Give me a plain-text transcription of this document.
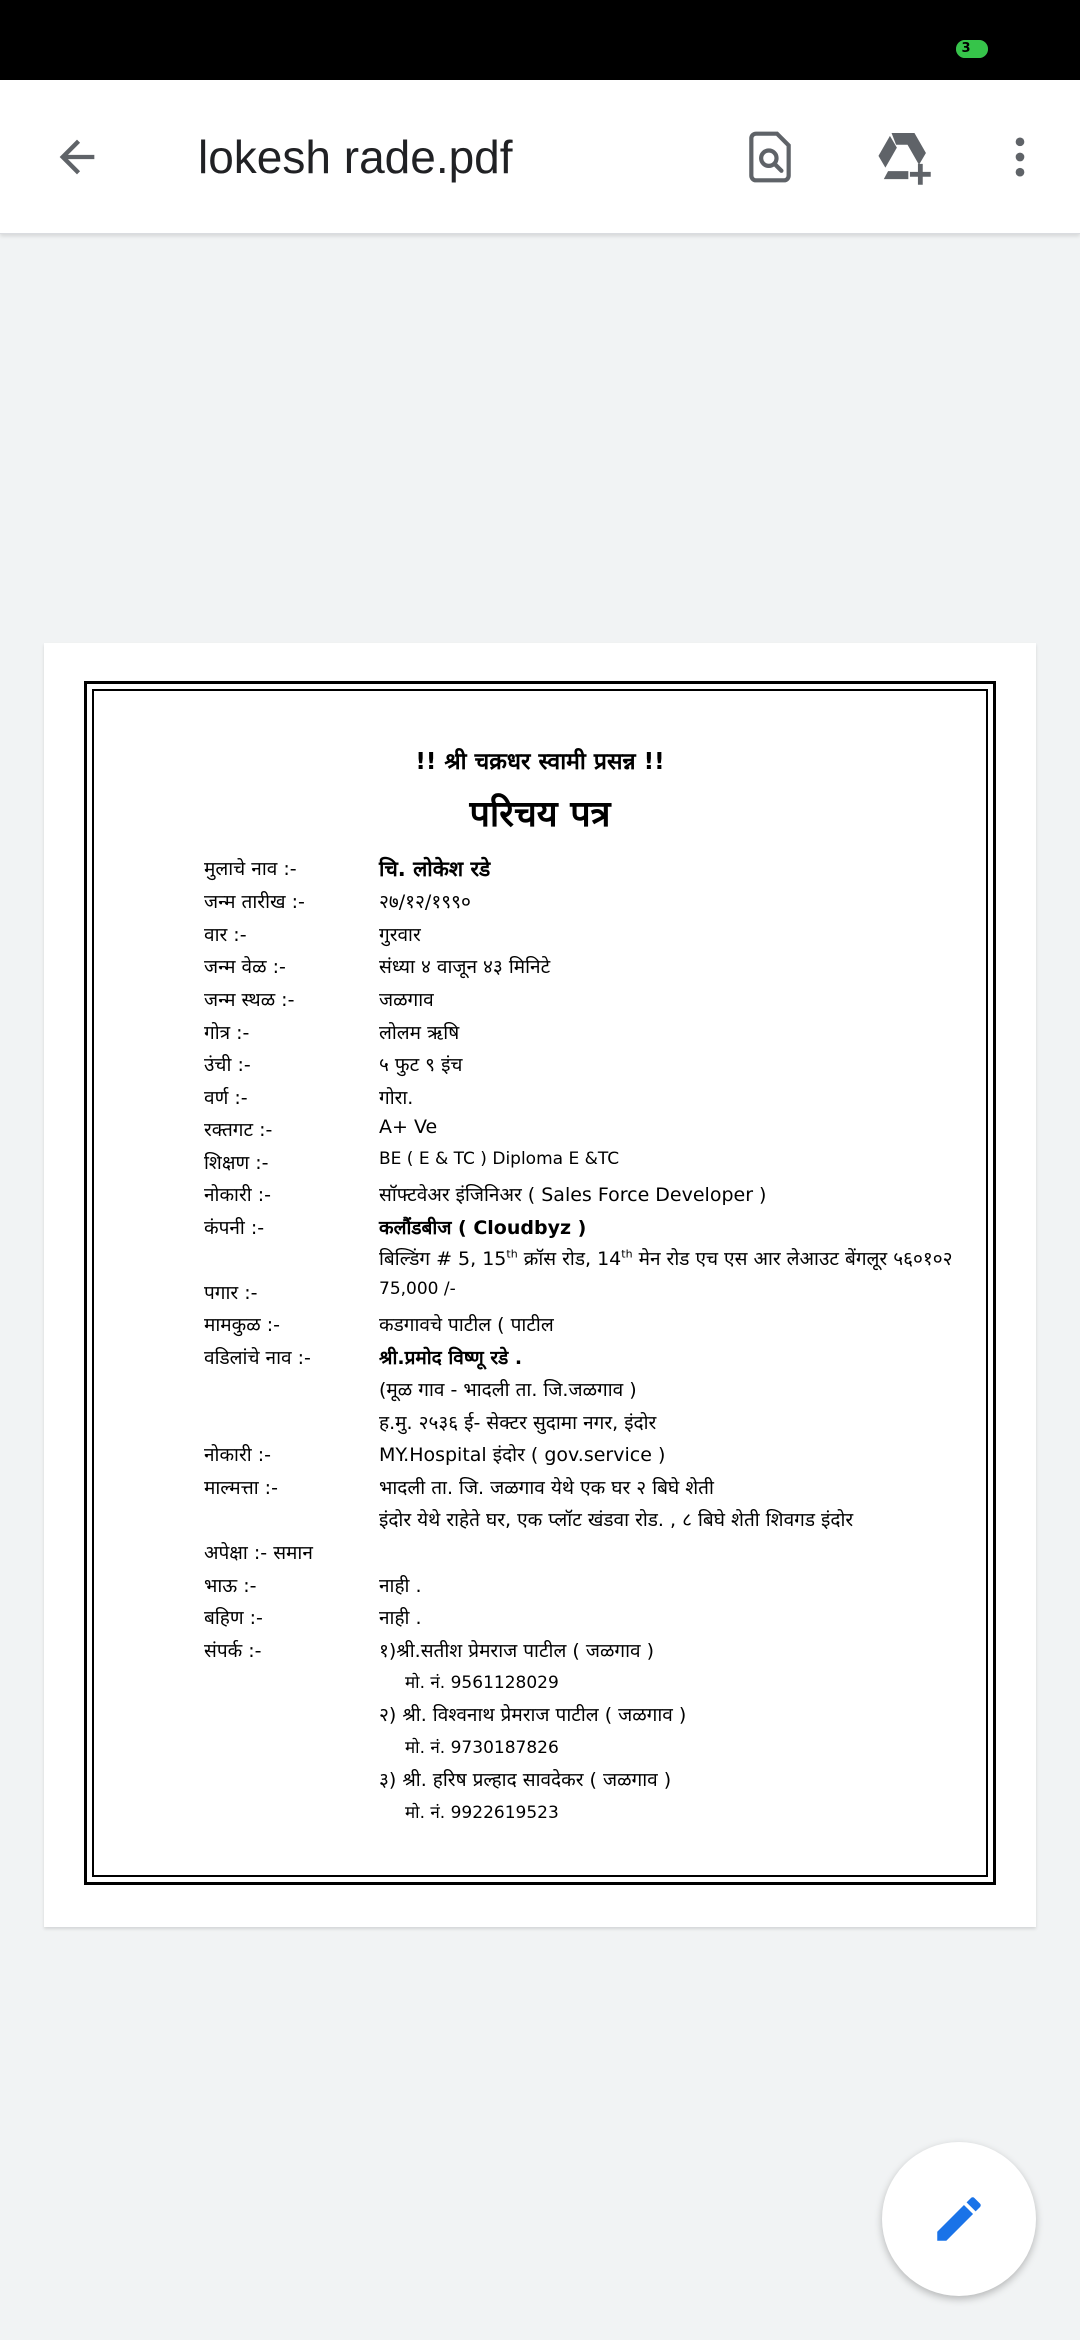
3
lokesh rade.pdf
!! श्री चक्रधर स्वामी प्रसन्न !!
परिचय पत्र
मुलाचे नाव :-	चि. लोकेश रडे
जन्म तारीख :-	२७/१२/१९९०
वार :-	गुरवार
जन्म वेळ :-	संध्या ४ वाजून ४३ मिनिटे
जन्म स्थळ :-	जळगाव
गोत्र :-	लोलम ऋषि
उंची :-	५ फुट ९ इंच
वर्ण :-	गोरा.
रक्तगट :-	A+ Ve
शिक्षण :-	BE ( E & TC ) Diploma E &TC
नोकारी :-	सॉफ्टवेअर इंजिनिअर ( Sales Force Developer )
कंपनी :-	कलौंडबीज ( Cloudbyz )
बिल्डिंग # 5, 15th क्रॉस रोड, 14th मेन रोड एच एस आर लेआउट बेंगलूर ५६०१०२
पगार :-	75,000 /-
मामकुळ :-	कडगावचे पाटील ( पाटील
वडिलांचे नाव :-	श्री.प्रमोद विष्णू रडे .
(मूळ गाव - भादली ता. जि.जळगाव )
ह.मु. २५३६ ई- सेक्टर सुदामा नगर, इंदोर
नोकारी :-	MY.Hospital इंदोर ( gov.service )
माल्मत्ता :-	भादली ता. जि. जळगाव येथे एक घर २ बिघे शेती
इंदोर येथे राहेते घर, एक प्लॉट खंडवा रोड. , ८ बिघे शेती शिवगड इंदोर
अपेक्षा :- समान
भाऊ :-	नाही .
बहिण :-	नाही .
संपर्क :-	१)श्री.सतीश प्रेमराज पाटील ( जळगाव )
मो. नं. 9561128029
२) श्री. विश्वनाथ प्रेमराज पाटील ( जळगाव )
मो. नं. 9730187826
३) श्री. हरिष प्रल्हाद सावदेकर ( जळगाव )
मो. नं. 9922619523
